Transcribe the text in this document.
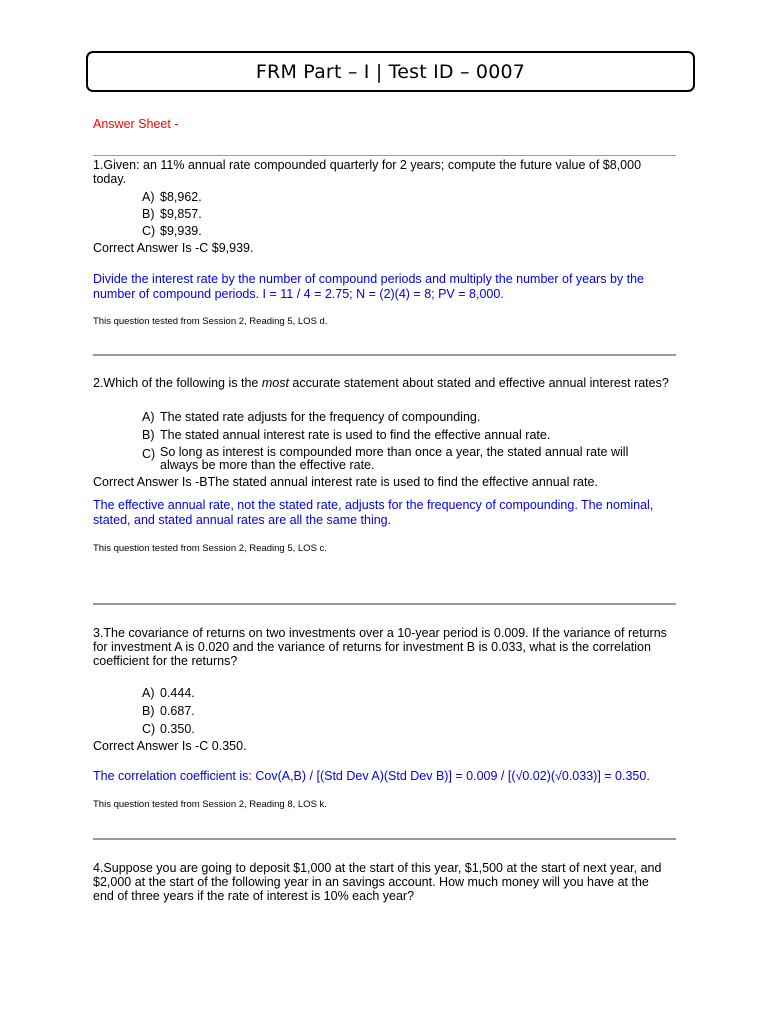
FRM Part – I | Test ID – 0007
Answer Sheet -

1.Given: an 11% annual rate compounded quarterly for 2 years; compute the future value of $8,000 today.

A) $8,962.
B) $9,857.
C) $9,939.

Correct Answer Is -C $9,939.

Divide the interest rate by the number of compound periods and multiply the number of years by the number of compound periods. I = 11 / 4 = 2.75; N = (2)(4) = 8; PV = 8,000.

This question tested from Session 2, Reading 5, LOS d.

2.Which of the following is the most accurate statement about stated and effective annual interest rates?

A) The stated rate adjusts for the frequency of compounding.
B) The stated annual interest rate is used to find the effective annual rate.
C) So long as interest is compounded more than once a year, the stated annual rate will always be more than the effective rate.

Correct Answer Is -BThe stated annual interest rate is used to find the effective annual rate.

The effective annual rate, not the stated rate, adjusts for the frequency of compounding. The nominal, stated, and stated annual rates are all the same thing.

This question tested from Session 2, Reading 5, LOS c.

3.The covariance of returns on two investments over a 10-year period is 0.009. If the variance of returns for investment A is 0.020 and the variance of returns for investment B is 0.033, what is the correlation coefficient for the returns?

A) 0.444.
B) 0.687.
C) 0.350.

Correct Answer Is -C 0.350.

The correlation coefficient is: Cov(A,B) / [(Std Dev A)(Std Dev B)] = 0.009 / [(√0.02)(√0.033)] = 0.350.

This question tested from Session 2, Reading 8, LOS k.

4.Suppose you are going to deposit $1,000 at the start of this year, $1,500 at the start of next year, and $2,000 at the start of the following year in an savings account. How much money will you have at the end of three years if the rate of interest is 10% each year?
